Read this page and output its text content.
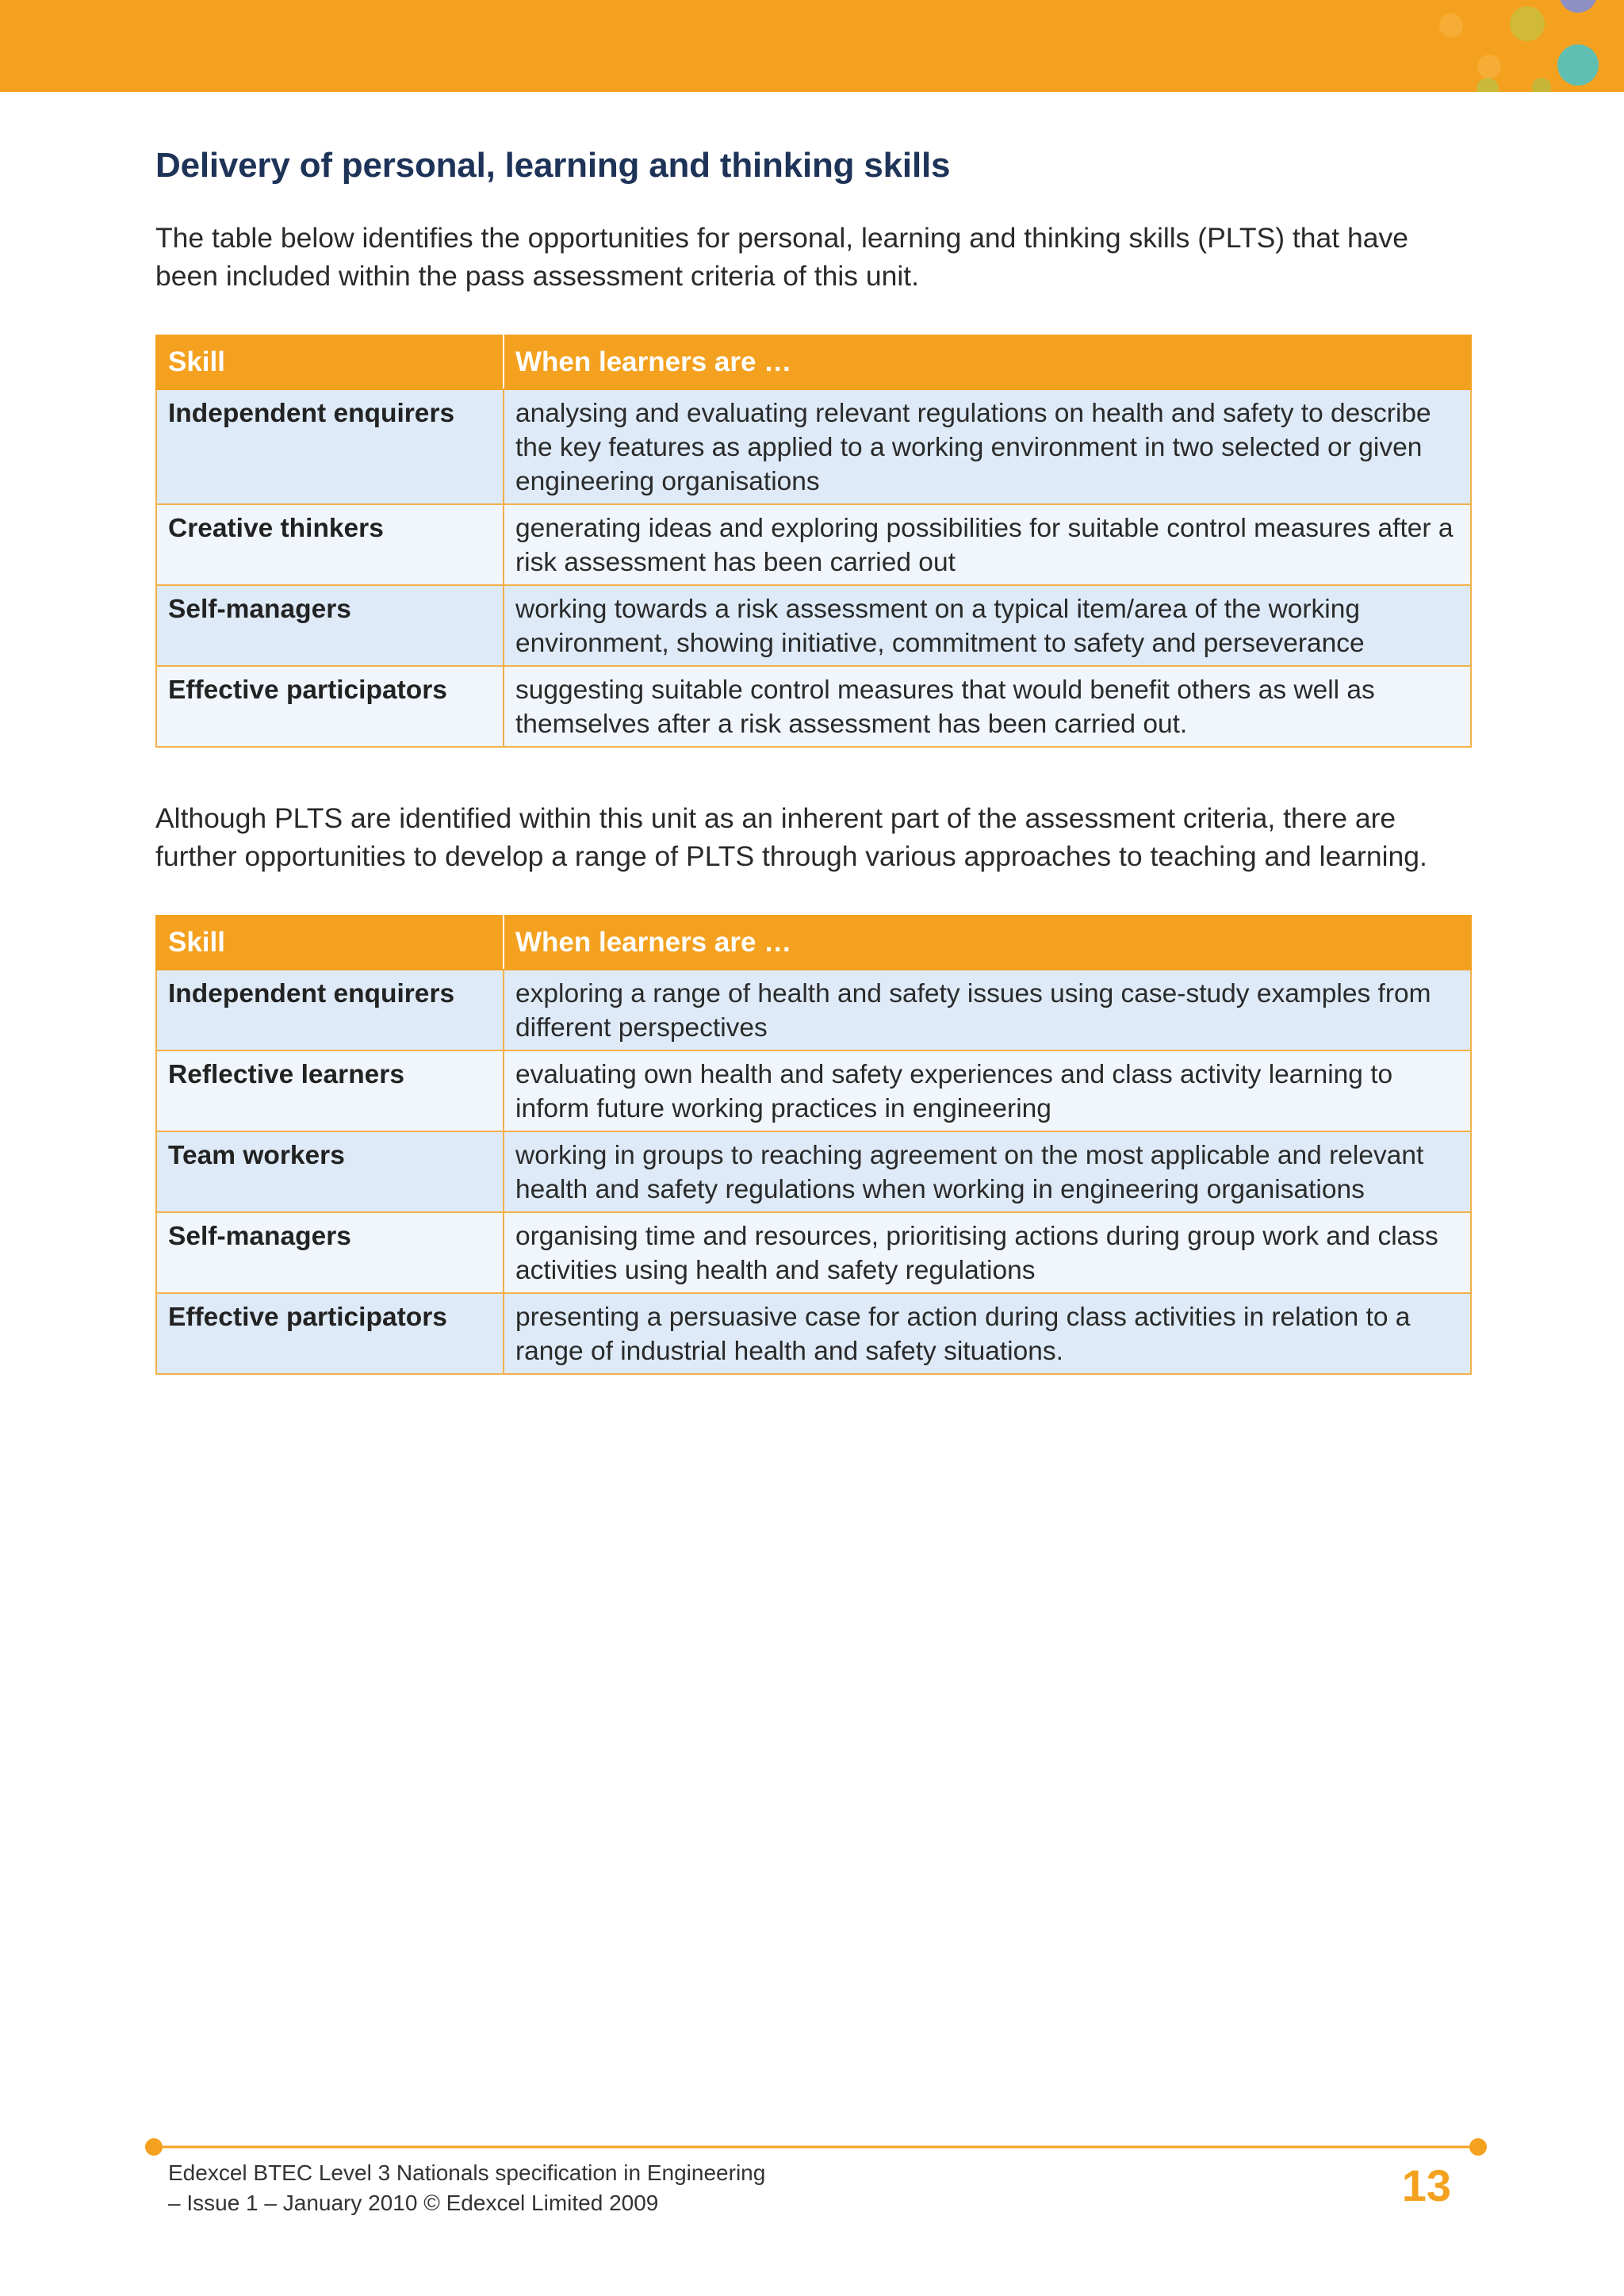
Delivery of personal, learning and thinking skills

The table below identifies the opportunities for personal, learning and thinking skills (PLTS) that have been included within the pass assessment criteria of this unit.

Skill	When learners are …
Independent enquirers	analysing and evaluating relevant regulations on health and safety to describe the key features as applied to a working environment in two selected or given engineering organisations
Creative thinkers	generating ideas and exploring possibilities for suitable control measures after a risk assessment has been carried out
Self-managers	working towards a risk assessment on a typical item/area of the working environment, showing initiative, commitment to safety and perseverance
Effective participators	suggesting suitable control measures that would benefit others as well as themselves after a risk assessment has been carried out.

Although PLTS are identified within this unit as an inherent part of the assessment criteria, there are further opportunities to develop a range of PLTS through various approaches to teaching and learning.

Skill	When learners are …
Independent enquirers	exploring a range of health and safety issues using case-study examples from different perspectives
Reflective learners	evaluating own health and safety experiences and class activity learning to inform future working practices in engineering
Team workers	working in groups to reaching agreement on the most applicable and relevant health and safety regulations when working in engineering organisations
Self-managers	organising time and resources, prioritising actions during group work and class activities using health and safety regulations
Effective participators	presenting a persuasive case for action during class activities in relation to a range of industrial health and safety situations.
Edexcel BTEC Level 3 Nationals specification in Engineering
– Issue 1 – January 2010 © Edexcel Limited 2009	13
